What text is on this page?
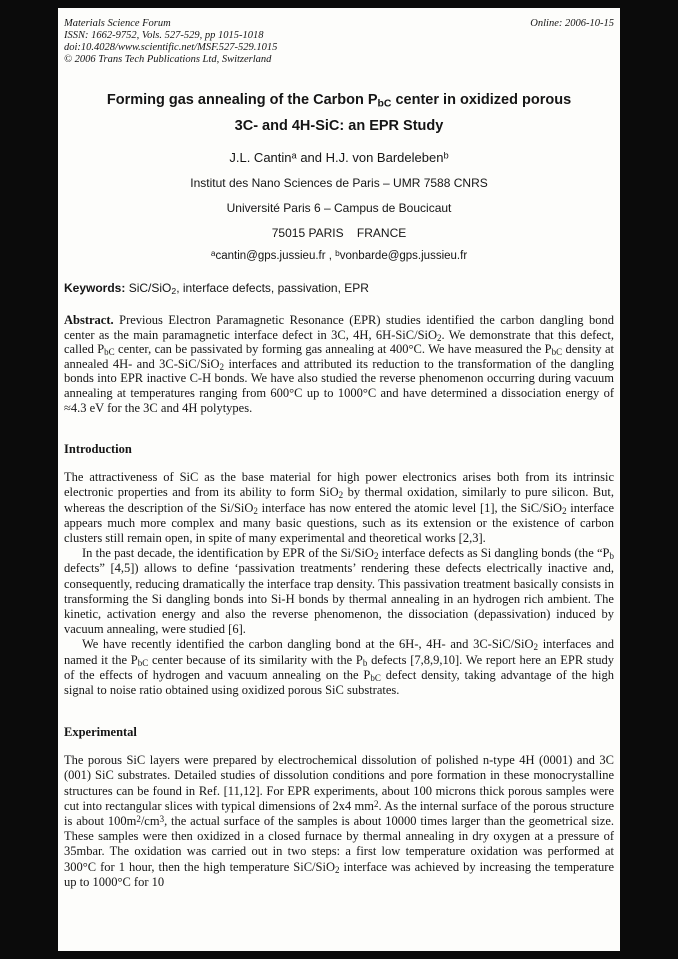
Materials Science Forum
ISSN: 1662-9752, Vols. 527-529, pp 1015-1018
doi:10.4028/www.scientific.net/MSF.527-529.1015
© 2006 Trans Tech Publications Ltd, Switzerland
Online: 2006-10-15
Forming gas annealing of the Carbon $P_{bC}$ center in oxidized porous
3C- and 4H-SiC: an EPR Study
J.L. Cantin$^a$ and H.J. von Bardeleben$^b$
Institut des Nano Sciences de Paris – UMR 7588 CNRS
Université Paris 6 – Campus de Boucicaut
75015 PARIS    FRANCE
$^a$cantin@gps.jussieu.fr , $^b$vonbarde@gps.jussieu.fr

Keywords: SiC/SiO$_2$, interface defects, passivation, EPR

Abstract. Previous Electron Paramagnetic Resonance (EPR) studies identified the carbon dangling bond center as the main paramagnetic interface defect in 3C, 4H, 6H-SiC/SiO$_2$. We demonstrate that this defect, called $P_{bC}$ center, can be passivated by forming gas annealing at 400°C. We have measured the $P_{bC}$ density at annealed 4H- and 3C-SiC/SiO$_2$ interfaces and attributed its reduction to the transformation of the dangling bonds into EPR inactive C-H bonds. We have also studied the reverse phenomenon occurring during vacuum annealing at temperatures ranging from 600°C up to 1000°C and have determined a dissociation energy of ≈4.3 eV for the 3C and 4H polytypes.

Introduction

The attractiveness of SiC as the base material for high power electronics arises both from its intrinsic electronic properties and from its ability to form SiO$_2$ by thermal oxidation, similarly to pure silicon. But, whereas the description of the Si/SiO$_2$ interface has now entered the atomic level [1], the SiC/SiO$_2$ interface appears much more complex and many basic questions, such as its extension or the existence of carbon clusters still remain open, in spite of many experimental and theoretical works [2,3].

In the past decade, the identification by EPR of the Si/SiO$_2$ interface defects as Si dangling bonds (the “$P_b$ defects” [4,5]) allows to define ‘passivation treatments’ rendering these defects electrically inactive and, consequently, reducing dramatically the interface trap density. This passivation treatment basically consists in transforming the Si dangling bonds into Si-H bonds by thermal annealing in an hydrogen rich ambient. The kinetic, activation energy and also the reverse phenomenon, the dissociation (depassivation) induced by vacuum annealing, were studied [6].

We have recently identified the carbon dangling bond at the 6H-, 4H- and 3C-SiC/SiO$_2$ interfaces and named it the $P_{bC}$ center because of its similarity with the $P_b$ defects [7,8,9,10]. We report here an EPR study of the effects of hydrogen and vacuum annealing on the $P_{bC}$ defect density, taking advantage of the high signal to noise ratio obtained using oxidized porous SiC substrates.

Experimental

The porous SiC layers were prepared by electrochemical dissolution of polished n-type 4H (0001) and 3C (001) SiC substrates. Detailed studies of dissolution conditions and pore formation in these monocrystalline structures can be found in Ref. [11,12]. For EPR experiments, about 100 microns thick porous samples were cut into rectangular slices with typical dimensions of 2x4 $mm^2$. As the internal surface of the porous structure is about $100m^2/cm^3$, the actual surface of the samples is about 10000 times larger than the geometrical size. These samples were then oxidized in a closed furnace by thermal annealing in dry oxygen at a pressure of 35mbar. The oxidation was carried out in two steps: a first low temperature oxidation was performed at 300°C for 1 hour, then the high temperature SiC/SiO$_2$ interface was achieved by increasing the temperature up to 1000°C for 10
